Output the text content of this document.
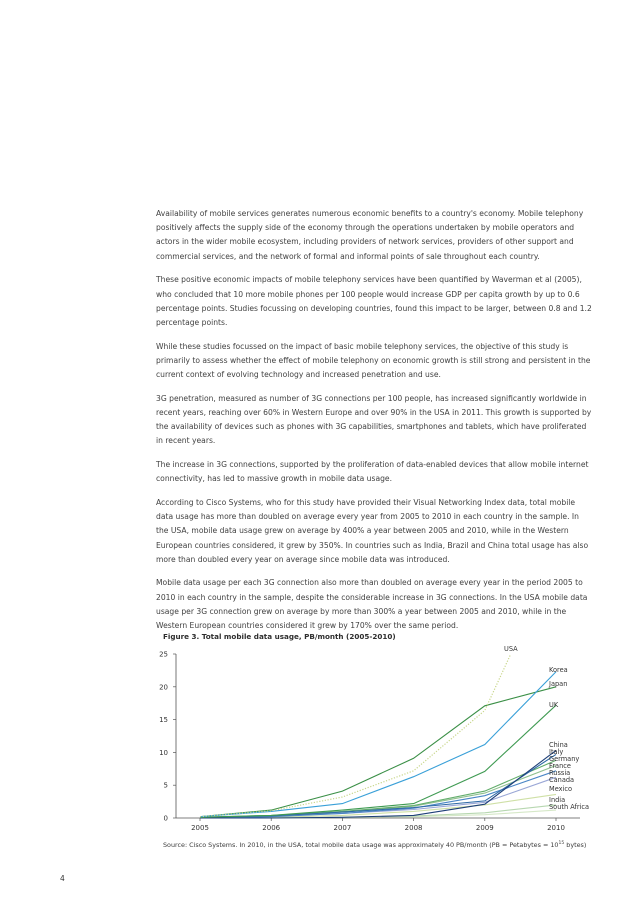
Availability of mobile services generates numerous economic benefits to a country's economy. Mobile telephony positively affects the supply side of the economy through the operations undertaken by mobile operators and actors in the wider mobile ecosystem, including providers of network services, providers of other support and commercial services, and the network of formal and informal points of sale throughout each country.

These positive economic impacts of mobile telephony services have been quantified by Waverman et al (2005), who concluded that 10 more mobile phones per 100 people would increase GDP per capita growth by up to 0.6 percentage points. Studies focussing on developing countries, found this impact to be larger, between 0.8 and 1.2 percentage points.

While these studies focussed on the impact of basic mobile telephony services, the objective of this study is primarily to assess whether the effect of mobile telephony on economic growth is still strong and persistent in the current context of evolving technology and increased penetration and use.

3G penetration, measured as number of 3G connections per 100 people, has increased significantly worldwide in recent years, reaching over 60% in Western Europe and over 90% in the USA in 2011. This growth is supported by the availability of devices such as phones with 3G capabilities, smartphones and tablets, which have proliferated in recent years.

The increase in 3G connections, supported by the proliferation of data-enabled devices that allow mobile internet connectivity, has led to massive growth in mobile data usage.

According to Cisco Systems, who for this study have provided their Visual Networking Index data, total mobile data usage has more than doubled on average every year from 2005 to 2010 in each country in the sample. In the USA, mobile data usage grew on average by 400% a year between 2005 and 2010, while in the Western European countries considered, it grew by 350%. In countries such as India, Brazil and China total usage has also more than doubled every year on average since mobile data was introduced.

Mobile data usage per each 3G connection also more than doubled on average every year in the period 2005 to 2010 in each country in the sample, despite the considerable increase in 3G connections. In the USA mobile data usage per 3G connection grew on average by more than 300% a year between 2005 and 2010, while in the Western European countries considered it grew by 170% over the same period.

Figure 3. Total mobile data usage, PB/month (2005-2010)
0
5
10
15
20
25
2005	2006	2007	2008	2009	2010
USA
Korea
Japan
UK
China
Italy
Germany
France
Russia
Canada
Mexico
India
South Africa
Source: Cisco Systems. In 2010, in the USA, total mobile data usage was approximately 40 PB/month (PB = Petabytes = $10^{15}$ bytes)
4
